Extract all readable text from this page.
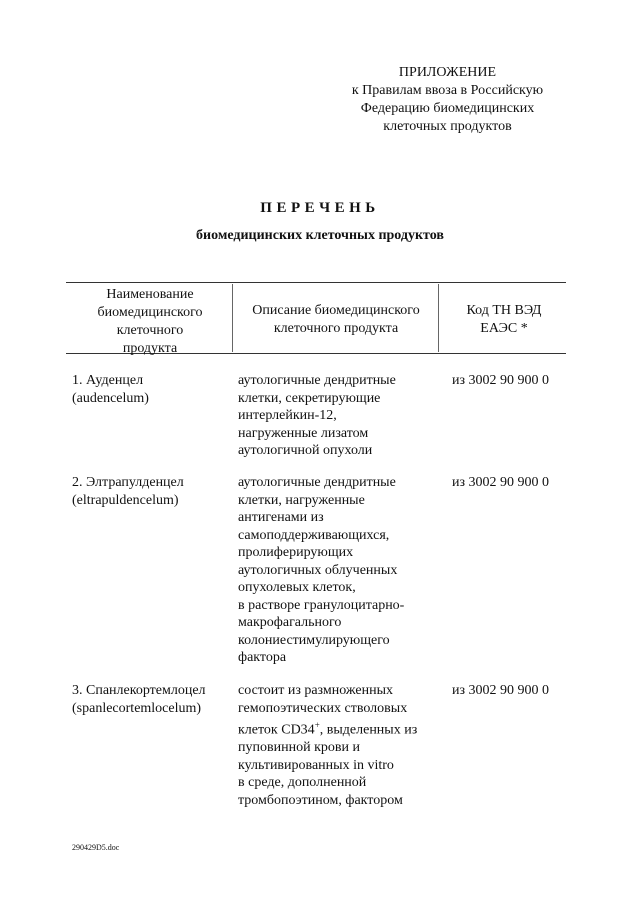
ПРИЛОЖЕНИЕ
к Правилам ввоза в Российскую
Федерацию биомедицинских
клеточных продуктов
ПЕРЕЧЕНЬ
биомедицинских клеточных продуктов
Наименование
биомедицинского
клеточного
продукта
Описание биомедицинского
клеточного продукта
Код ТН ВЭД
ЕАЭС *
1. Ауденцел
(audencelum)
аутологичные дендритные
клетки, секретирующие
интерлейкин-12,
нагруженные лизатом
аутологичной опухоли
из 3002 90 900 0
2. Элтрапулденцел
(eltrapuldencelum)
аутологичные дендритные
клетки, нагруженные
антигенами из
самоподдерживающихся,
пролиферирующих
аутологичных облученных
опухолевых клеток,
в растворе гранулоцитарно-
макрофагального
колониестимулирующего
фактора
из 3002 90 900 0
3. Спанлекортемлоцел
(spanlecortemlocelum)
состоит из размноженных
гемопоэтических стволовых
клеток CD34+, выделенных из
пуповинной крови и
культивированных in vitro
в среде, дополненной
тромбопоэтином, фактором
из 3002 90 900 0
290429D5.doc
